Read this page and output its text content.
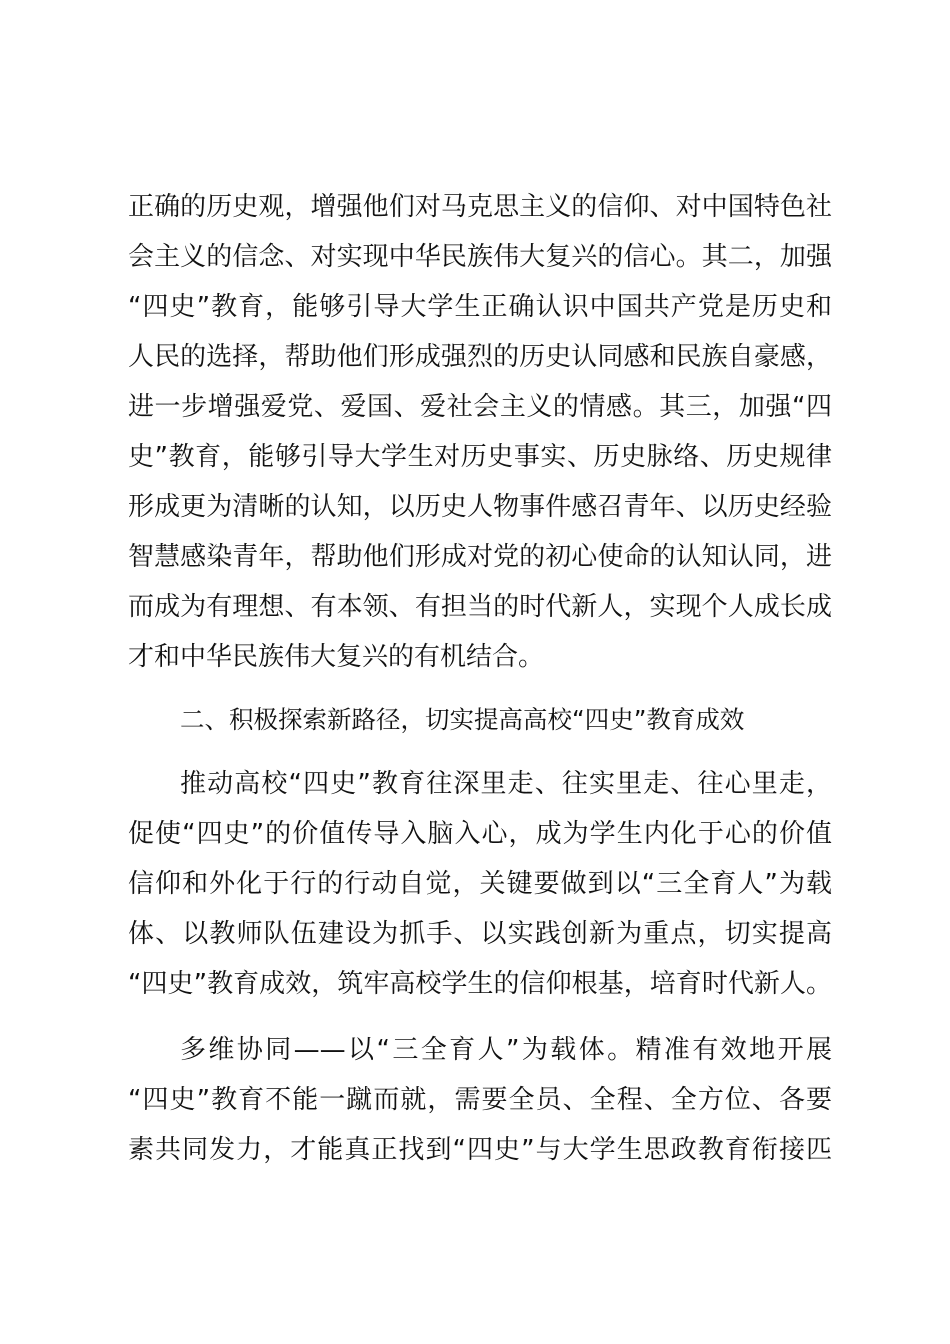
正确的历史观，增强他们对马克思主义的信仰、对中国特色社
会主义的信念、对实现中华民族伟大复兴的信心。其二，加强
“四史”教育，能够引导大学生正确认识中国共产党是历史和
人民的选择，帮助他们形成强烈的历史认同感和民族自豪感，
进一步增强爱党、爱国、爱社会主义的情感。其三，加强“四
史”教育，能够引导大学生对历史事实、历史脉络、历史规律
形成更为清晰的认知，以历史人物事件感召青年、以历史经验
智慧感染青年，帮助他们形成对党的初心使命的认知认同，进
而成为有理想、有本领、有担当的时代新人，实现个人成长成
才和中华民族伟大复兴的有机结合。
二、积极探索新路径，切实提高高校“四史”教育成效
推动高校“四史”教育往深里走、往实里走、往心里走，
促使“四史”的价值传导入脑入心，成为学生内化于心的价值
信仰和外化于行的行动自觉，关键要做到以“三全育人”为载
体、以教师队伍建设为抓手、以实践创新为重点，切实提高
“四史”教育成效，筑牢高校学生的信仰根基，培育时代新人。
多维协同——以“三全育人”为载体。精准有效地开展
“四史”教育不能一蹴而就，需要全员、全程、全方位、各要
素共同发力，才能真正找到“四史”与大学生思政教育衔接匹
